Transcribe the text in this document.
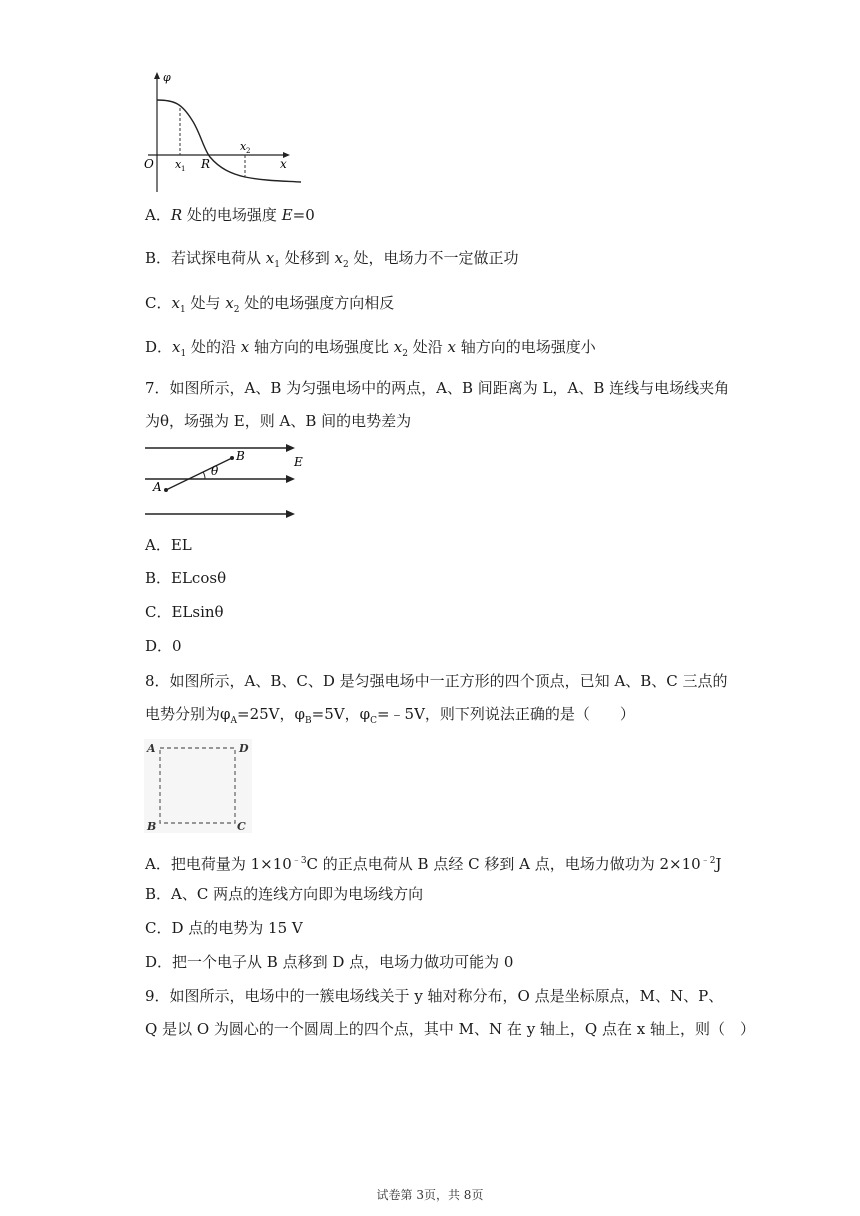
φ
O x 1 R
x 2
x
A．R 处的电场强度 E=0
B．若试探电荷从 $x_1$ 处移到 $x_2$ 处，电场力不一定做正功
C．$x_1$ 处与 $x_2$ 处的电场强度方向相反
D．$x_1$ 处的沿 x 轴方向的电场强度比 $x_2$ 处沿 x 轴方向的电场强度小
7．如图所示，A、B 为匀强电场中的两点，A、B 间距离为 L，A、B 连线与电场线夹角
为θ，场强为 E，则 A、B 间的电势差为
A
B
θ
E
A．EL
B．ELcosθ
C．ELsinθ
D．0
8．如图所示，A、B、C、D 是匀强电场中一正方形的四个顶点，已知 A、B、C 三点的
电势分别为$\varphi_A=25V$，$\varphi_B=5V$，$\varphi_C=﹣5V$，则下列说法正确的是（　　）
A	D
B	C
A．把电荷量为 $1\times 10^{﹣3}C$ 的正点电荷从 B 点经 C 移到 A 点，电场力做功为 $2\times 10^{﹣2}J$
B．A、C 两点的连线方向即为电场线方向
C．D 点的电势为 15 V
D．把一个电子从 B 点移到 D 点，电场力做功可能为 0
9．如图所示，电场中的一簇电场线关于 y 轴对称分布，O 点是坐标原点，M、N、P、
Q 是以 O 为圆心的一个圆周上的四个点，其中 M、N 在 y 轴上，Q 点在 x 轴上，则（　）
试卷第 3页，共 8页
